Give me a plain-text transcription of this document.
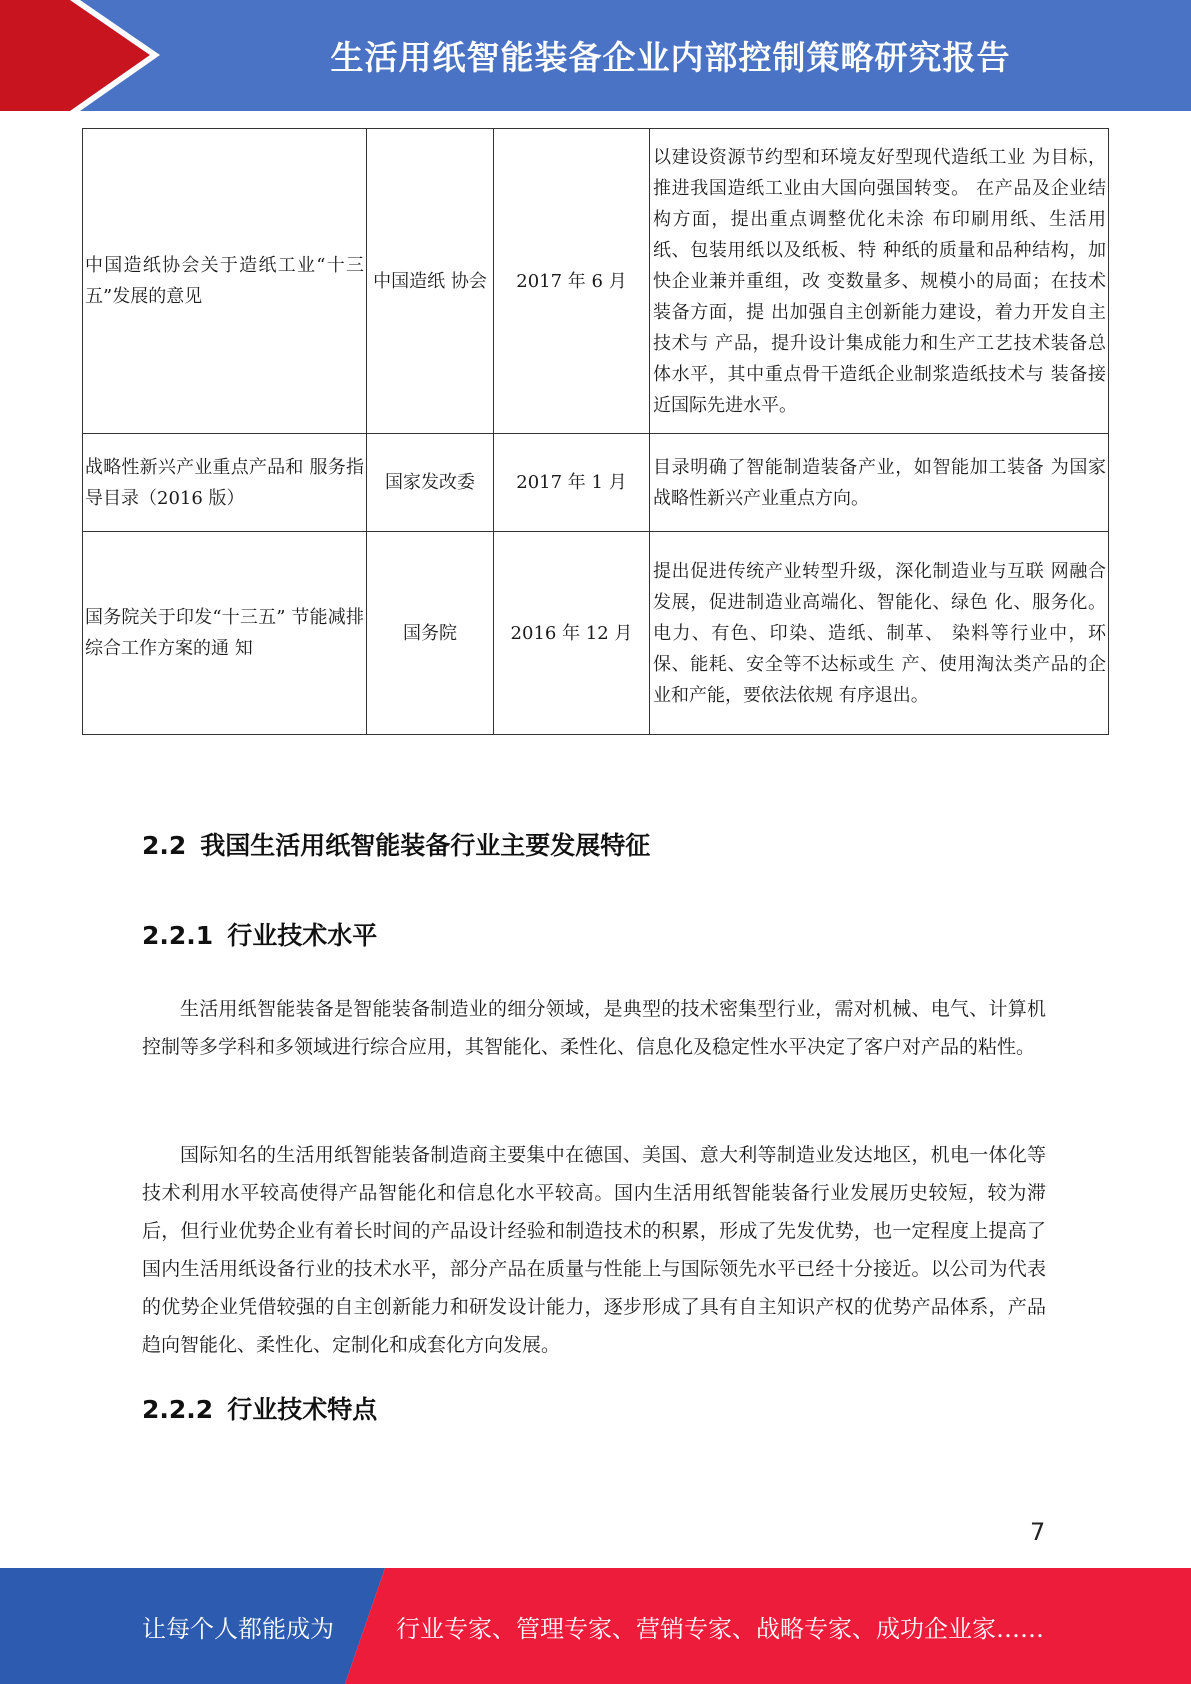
生活用纸智能装备企业内部控制策略研究报告
中国造纸协会关于造纸工业“十三五”发展的意见	中国造纸 协会	2017 年 6 月	以建设资源节约型和环境友好型现代造纸工业 为目标，推进我国造纸工业由大国向强国转变。 在产品及企业结构方面，提出重点调整优化未涂 布印刷用纸、生活用纸、包装用纸以及纸板、特 种纸的质量和品种结构，加快企业兼并重组，改 变数量多、规模小的局面；在技术装备方面，提 出加强自主创新能力建设，着力开发自主技术与 产品，提升设计集成能力和生产工艺技术装备总 体水平，其中重点骨干造纸企业制浆造纸技术与 装备接近国际先进水平。
战略性新兴产业重点产品和 服务指导目录（2016 版）	国家发改委	2017 年 1 月	目录明确了智能制造装备产业，如智能加工装备 为国家战略性新兴产业重点方向。
国务院关于印发“十三五” 节能减排综合工作方案的通 知	国务院	2016 年 12 月	提出促进传统产业转型升级，深化制造业与互联 网融合发展，促进制造业高端化、智能化、绿色 化、服务化。电力、有色、印染、造纸、制革、 染料等行业中，环保、能耗、安全等不达标或生 产、使用淘汰类产品的企业和产能，要依法依规 有序退出。
2.2 我国生活用纸智能装备行业主要发展特征
2.2.1 行业技术水平

生活用纸智能装备是智能装备制造业的细分领域，是典型的技术密集型行业，需对机械、电气、计算机控制等多学科和多领域进行综合应用，其智能化、柔性化、信息化及稳定性水平决定了客户对产品的粘性。

国际知名的生活用纸智能装备制造商主要集中在德国、美国、意大利等制造业发达地区，机电一体化等技术利用水平较高使得产品智能化和信息化水平较高。国内生活用纸智能装备行业发展历史较短，较为滞后，但行业优势企业有着长时间的产品设计经验和制造技术的积累，形成了先发优势，也一定程度上提高了国内生活用纸设备行业的技术水平，部分产品在质量与性能上与国际领先水平已经十分接近。以公司为代表的优势企业凭借较强的自主创新能力和研发设计能力，逐步形成了具有自主知识产权的优势产品体系，产品趋向智能化、柔性化、定制化和成套化方向发展。

2.2.2 行业技术特点
7
让每个人都能成为	行业专家、管理专家、营销专家、战略专家、成功企业家……
